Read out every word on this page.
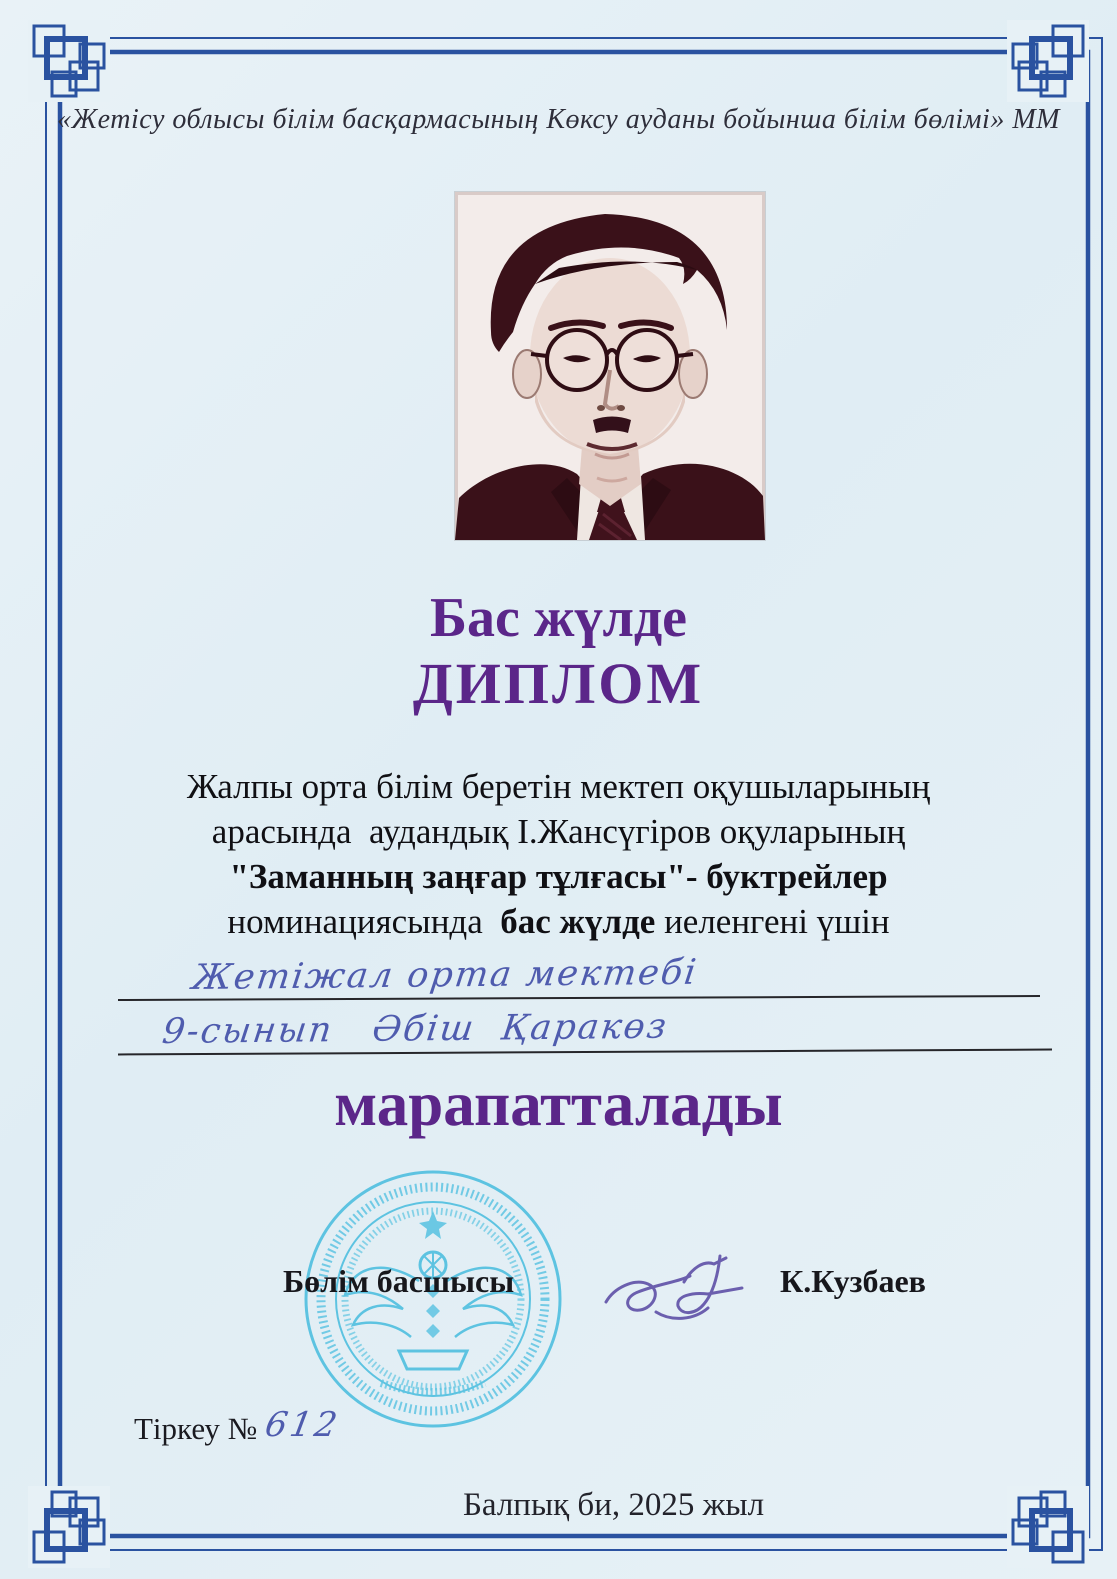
«Жетісу облысы білім басқармасының Көксу ауданы бойынша білім бөлімі» ММ
Бас жүлде
ДИПЛОМ
Жалпы орта білім беретін мектеп оқушыларының
арасында  аудандық І.Жансүгіров оқуларының
"Заманның заңғар тұлғасы"- буктрейлер
номинациясында  бас жүлде иеленгені үшін
Жетіжал орта мектебі
9-сынып   Әбіш  Қаракөз
марапатталады
Бөлім басшысы	К.Кузбаев
Тіркеу № 612
Балпық би, 2025 жыл
